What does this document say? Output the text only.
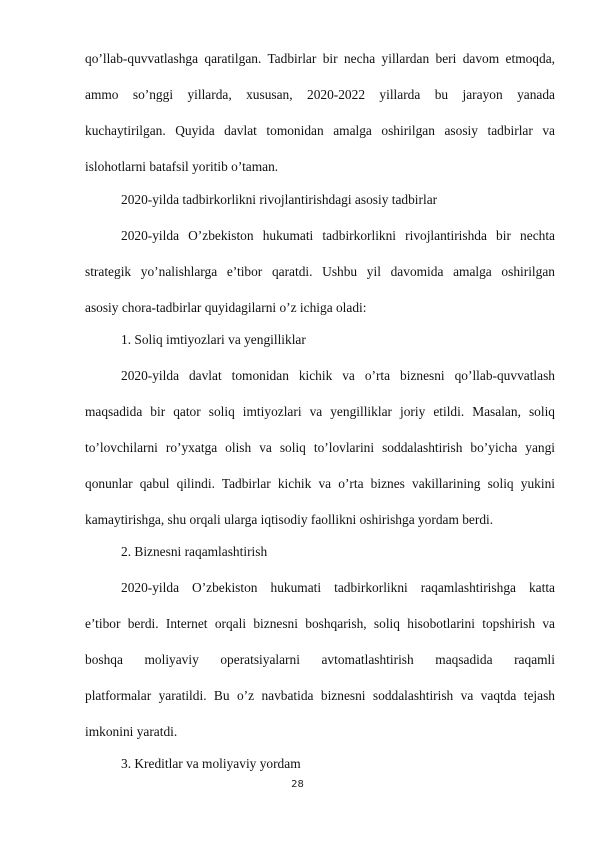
qo’llab-quvvatlashga qaratilgan. Tadbirlar bir necha yillardan beri davom etmoqda,
ammo so’nggi yillarda, xususan, 2020-2022 yillarda bu jarayon yanada
kuchaytirilgan. Quyida davlat tomonidan amalga oshirilgan asosiy tadbirlar va
islohotlarni batafsil yoritib o’taman.
2020-yilda tadbirkorlikni rivojlantirishdagi asosiy tadbirlar
2020-yilda O’zbekiston hukumati tadbirkorlikni rivojlantirishda bir nechta
strategik yo’nalishlarga e’tibor qaratdi. Ushbu yil davomida amalga oshirilgan
asosiy chora-tadbirlar quyidagilarni o’z ichiga oladi:
1. Soliq imtiyozlari va yengilliklar
2020-yilda davlat tomonidan kichik va o’rta biznesni qo’llab-quvvatlash
maqsadida bir qator soliq imtiyozlari va yengilliklar joriy etildi. Masalan, soliq
to’lovchilarni ro’yxatga olish va soliq to’lovlarini soddalashtirish bo’yicha yangi
qonunlar qabul qilindi. Tadbirlar kichik va o’rta biznes vakillarining soliq yukini
kamaytirishga, shu orqali ularga iqtisodiy faollikni oshirishga yordam berdi.
2. Biznesni raqamlashtirish
2020-yilda O’zbekiston hukumati tadbirkorlikni raqamlashtirishga katta
e’tibor berdi. Internet orqali biznesni boshqarish, soliq hisobotlarini topshirish va
boshqa moliyaviy operatsiyalarni avtomatlashtirish maqsadida raqamli
platformalar yaratildi. Bu o’z navbatida biznesni soddalashtirish va vaqtda tejash
imkonini yaratdi.
3. Kreditlar va moliyaviy yordam
28
